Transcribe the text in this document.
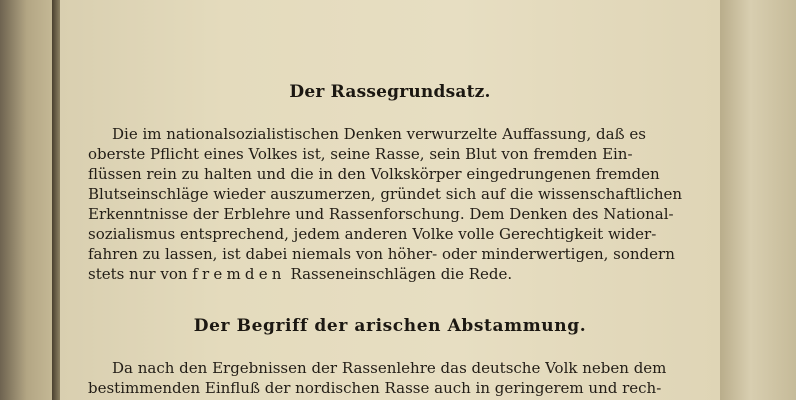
Der Rassegrundsatz.
Die im nationalsozialistischen Denken verwurzelte Auffassung, daß es
oberste Pflicht eines Volkes ist, seine Rasse, sein Blut von fremden Ein-
flüssen rein zu halten und die in den Volkskörper eingedrungenen fremden
Blutseinschläge wieder auszumerzen, gründet sich auf die wissenschaftlichen
Erkenntnisse der Erblehre und Rassenforschung. Dem Denken des National-
sozialismus entsprechend, jedem anderen Volke volle Gerechtigkeit wider-
fahren zu lassen, ist dabei niemals von höher- oder minderwertigen, sondern
stets nur von fremden Rasseneinschlägen die Rede.
Der Begriff der arischen Abstammung.
Da nach den Ergebnissen der Rassenlehre das deutsche Volk neben dem
bestimmenden Einfluß der nordischen Rasse auch in geringerem und rech-
